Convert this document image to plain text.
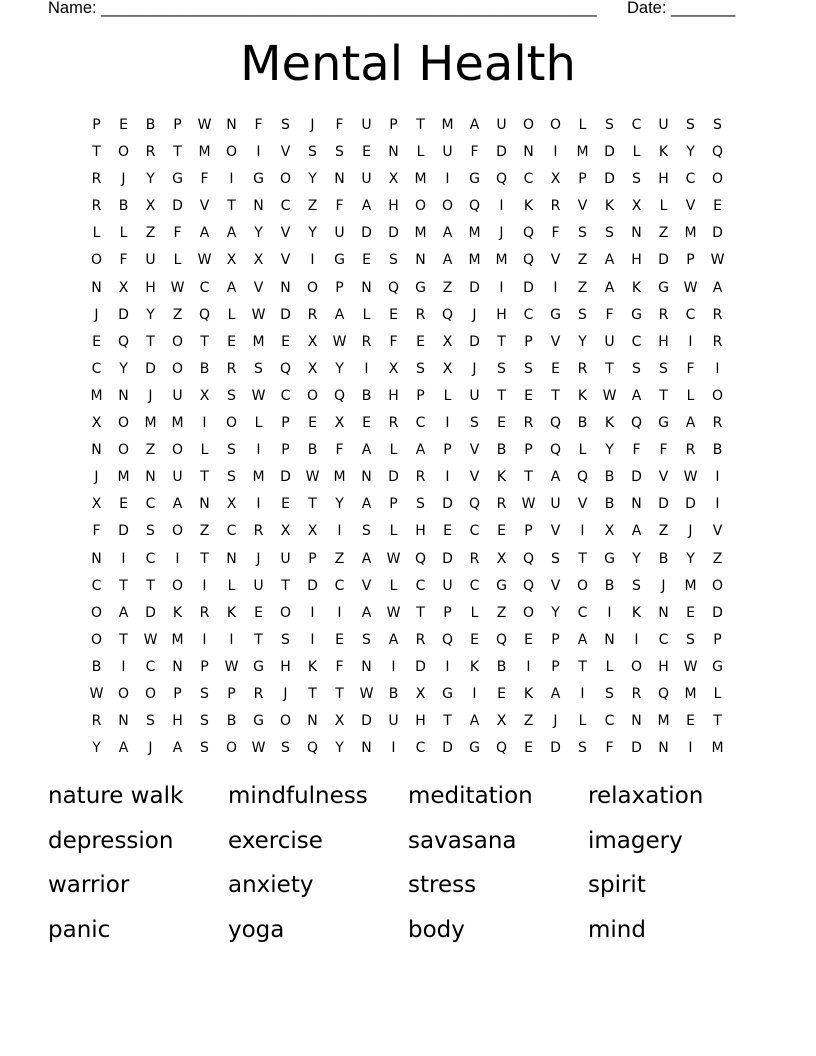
Name: ______________________________________________________ Date: _______
Mental Health
P	E	B	P	W	N	F	S	J	F	U	P	T	M	A	U	O	O	L	S	C	U	S	S
T	O	R	T	M	O	I	V	S	S	E	N	L	U	F	D	N	I	M	D	L	K	Y	Q
R	J	Y	G	F	I	G	O	Y	N	U	X	M	I	G	Q	C	X	P	D	S	H	C	O
R	B	X	D	V	T	N	C	Z	F	A	H	O	O	Q	I	K	R	V	K	X	L	V	E
L	L	Z	F	A	A	Y	V	Y	U	D	D	M	A	M	J	Q	F	S	S	N	Z	M	D
O	F	U	L	W	X	X	V	I	G	E	S	N	A	M	M	Q	V	Z	A	H	D	P	W
N	X	H	W	C	A	V	N	O	P	N	Q	G	Z	D	I	D	I	Z	A	K	G	W	A
J	D	Y	Z	Q	L	W	D	R	A	L	E	R	Q	J	H	C	G	S	F	G	R	C	R
E	Q	T	O	T	E	M	E	X	W	R	F	E	X	D	T	P	V	Y	U	C	H	I	R
C	Y	D	O	B	R	S	Q	X	Y	I	X	S	X	J	S	S	E	R	T	S	S	F	I
M	N	J	U	X	S	W	C	O	Q	B	H	P	L	U	T	E	T	K	W	A	T	L	O
X	O	M	M	I	O	L	P	E	X	E	R	C	I	S	E	R	Q	B	K	Q	G	A	R
N	O	Z	O	L	S	I	P	B	F	A	L	A	P	V	B	P	Q	L	Y	F	F	R	B
J	M	N	U	T	S	M	D	W	M	N	D	R	I	V	K	T	A	Q	B	D	V	W	I
X	E	C	A	N	X	I	E	T	Y	A	P	S	D	Q	R	W	U	V	B	N	D	D	I
F	D	S	O	Z	C	R	X	X	I	S	L	H	E	C	E	P	V	I	X	A	Z	J	V
N	I	C	I	T	N	J	U	P	Z	A	W	Q	D	R	X	Q	S	T	G	Y	B	Y	Z
C	T	T	O	I	L	U	T	D	C	V	L	C	U	C	G	Q	V	O	B	S	J	M	O
O	A	D	K	R	K	E	O	I	I	A	W	T	P	L	Z	O	Y	C	I	K	N	E	D
O	T	W	M	I	I	T	S	I	E	S	A	R	Q	E	Q	E	P	A	N	I	C	S	P
B	I	C	N	P	W	G	H	K	F	N	I	D	I	K	B	I	P	T	L	O	H	W	G
W	O	O	P	S	P	R	J	T	T	W	B	X	G	I	E	K	A	I	S	R	Q	M	L
R	N	S	H	S	B	G	O	N	X	D	U	H	T	A	X	Z	J	L	C	N	M	E	T
Y	A	J	A	S	O	W	S	Q	Y	N	I	C	D	G	Q	E	D	S	F	D	N	I	M
nature walk	mindfulness	meditation	relaxation
depression	exercise	savasana	imagery
warrior	anxiety	stress	spirit
panic	yoga	body	mind
